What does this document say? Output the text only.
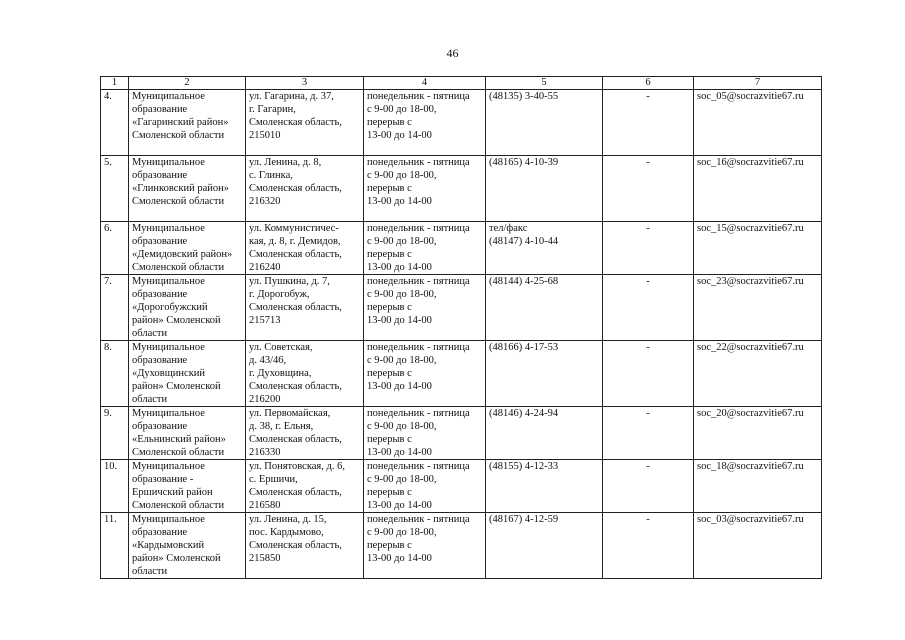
46
1	2	3	4	5	6	7
4.	Муниципальное
образование
«Гагаринский район»
Смоленской области	ул. Гагарина, д. 37,
г. Гагарин,
Смоленская область,
215010	понедельник - пятница
с 9-00 до 18-00,
перерыв с
13-00 до 14-00	(48135) 3-40-55	-	soc_05@socrazvitie67.ru
5.	Муниципальное
образование
«Глинковский район»
Смоленской области	ул. Ленина, д. 8,
с. Глинка,
Смоленская область,
216320	понедельник - пятница
с 9-00 до 18-00,
перерыв с
13-00 до 14-00	(48165) 4-10-39	-	soc_16@socrazvitie67.ru
6.	Муниципальное
образование
«Демидовский район»
Смоленской области	ул. Коммунистичес-
кая, д. 8, г. Демидов,
Смоленская область,
216240	понедельник - пятница
с 9-00 до 18-00,
перерыв с
13-00 до 14-00	тел/факс
(48147) 4-10-44	-	soc_15@socrazvitie67.ru
7.	Муниципальное
образование
«Дорогобужский
район» Смоленской
области	ул. Пушкина, д. 7,
г. Дорогобуж,
Смоленская область,
215713	понедельник - пятница
с 9-00 до 18-00,
перерыв с
13-00 до 14-00	(48144) 4-25-68	-	soc_23@socrazvitie67.ru
8.	Муниципальное
образование
«Духовщинский
район» Смоленской
области	ул. Советская,
д. 43/46,
г. Духовщина,
Смоленская область,
216200	понедельник - пятница
с 9-00 до 18-00,
перерыв с
13-00 до 14-00	(48166) 4-17-53	-	soc_22@socrazvitie67.ru
9.	Муниципальное
образование
«Ельнинский район»
Смоленской области	ул. Первомайская,
д. 38, г. Ельня,
Смоленская область,
216330	понедельник - пятница
с 9-00 до 18-00,
перерыв с
13-00 до 14-00	(48146) 4-24-94	-	soc_20@socrazvitie67.ru
10.	Муниципальное
образование -
Ершичский район
Смоленской области	ул. Понятовская, д. 6,
с. Ершичи,
Смоленская область,
216580	понедельник - пятница
с 9-00 до 18-00,
перерыв с
13-00 до 14-00	(48155) 4-12-33	-	soc_18@socrazvitie67.ru
11.	Муниципальное
образование
«Кардымовский
район» Смоленской
области	ул. Ленина, д. 15,
пос. Кардымово,
Смоленская область,
215850	понедельник - пятница
с 9-00 до 18-00,
перерыв с
13-00 до 14-00	(48167) 4-12-59	-	soc_03@socrazvitie67.ru
